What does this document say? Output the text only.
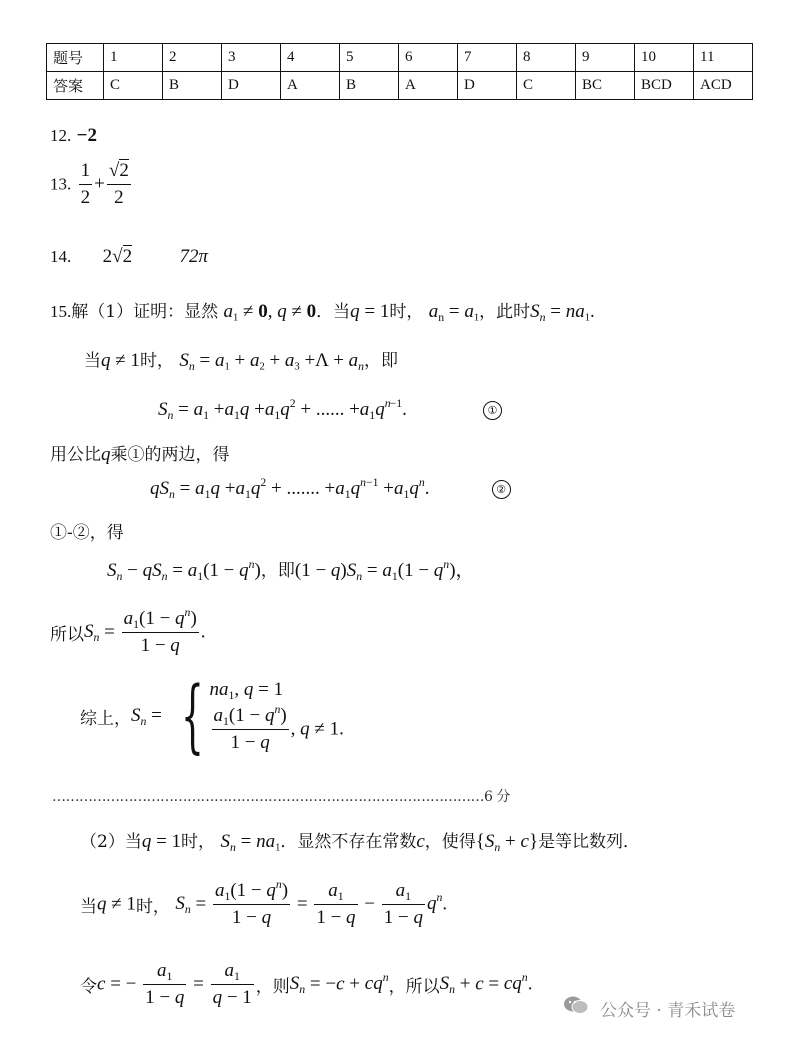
题号	1	2	3	4	5	6	7	8	9	10	11
答案	C	B	D	A	B	A	D	C	BC	BCD	ACD
12. −2
13. $\frac{1}{2} + \frac{√2}{2}$
14. 2√2 72π
15.解（1）证明：显然 $a_1 \ne 0$, q ≠ 0．当q = 1时， $a_n = a_1$，此时$S_n = na_1$.
当q ≠ 1时， $S_n = a_1 + a_2 + a_3 +\Lambda + a_n$，即
$S_n = a_1 +a_1q +a_1q^2$ + ...... $+a_1q^{n-1}$.	①
用公比q乘①的两边，得
$qS_n = a_1q +a_1q^2$ + ....... $+a_1q^{n-1} +a_1q^n$.	②
①-②，得
$S_n - qS_n = a_1(1 - q^n)$，即$(1 - q)S_n = a_1(1 - q^n)$，
所以$S_n = \frac{a_1(1 - q^n)}{1 - q}$ .
综上，$S_n$ = { $na_1$, q = 1
$\frac{a_1(1 - q^n)}{1 - q}$ , q ≠ 1.
……………………………………………………………………………………6 分
（2）当q = 1时， $S_n = na_1$．显然不存在常数c，使得$\{S_n + c\}$是等比数列．
当q ≠ 1时， $S_n = \frac{a_1(1 - q^n)}{1 - q} = \frac{a_1}{1 - q} - \frac{a_1}{1 - q} q^n$.
令c = − $\frac{a_1}{1 - q} = \frac{a_1}{q - 1}$ ，则$S_n = -c + cq^n$，所以$S_n + c = cq^n$.
公众号 · 青禾试卷
